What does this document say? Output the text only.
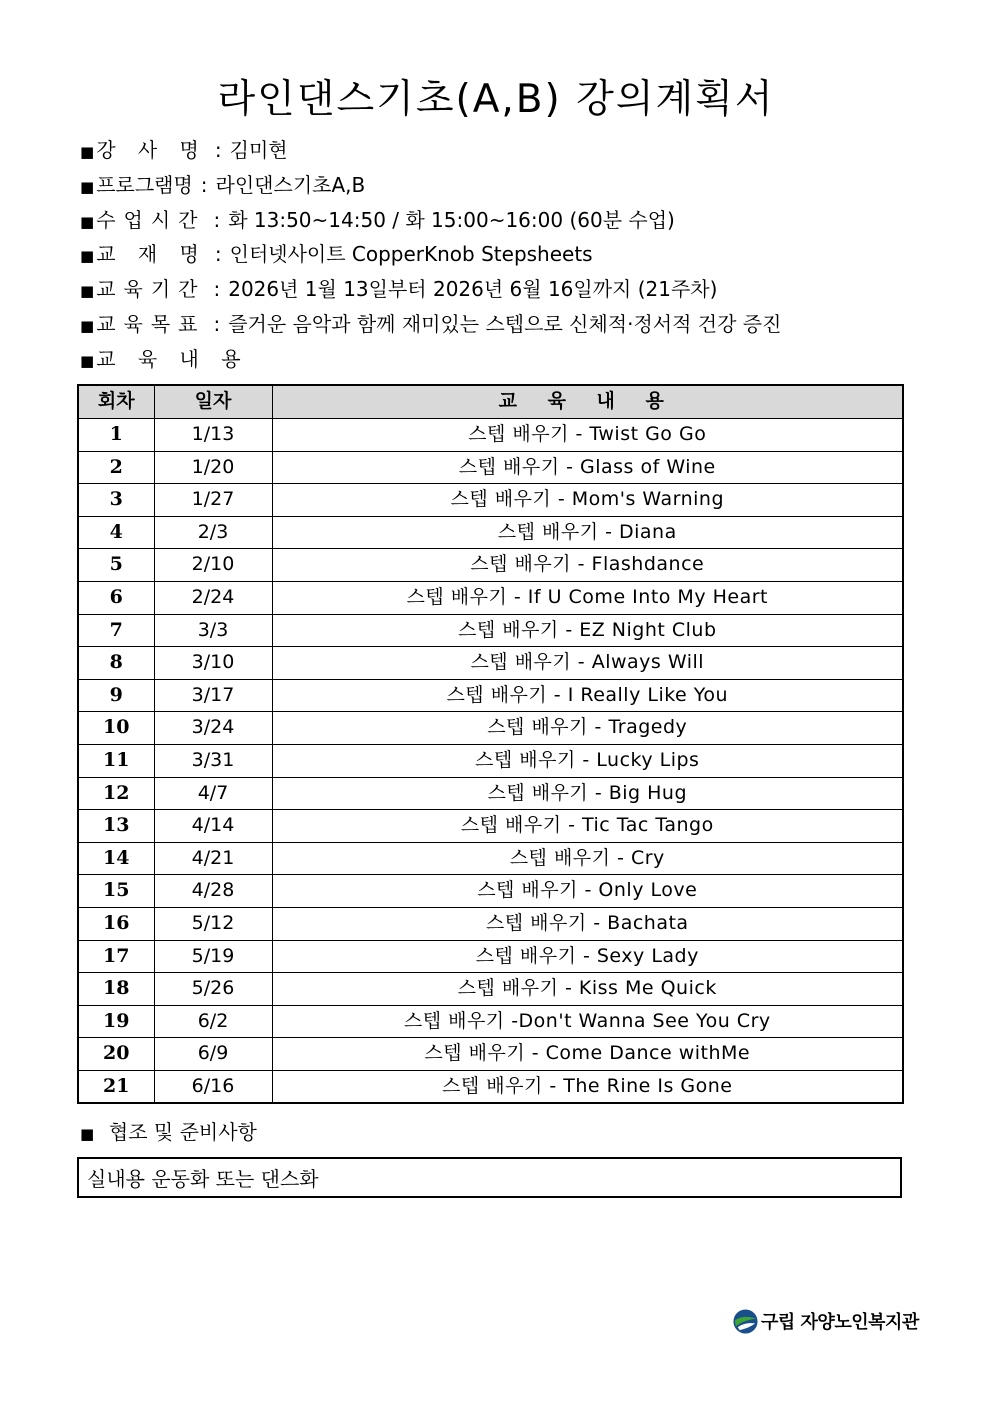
라인댄스기초(A,B) 강의계획서
■ 강 사 명 : 김미현
■ 프로그램명 : 라인댄스기초A,B
■ 수업시간 : 화 13:50~14:50 / 화 15:00~16:00 (60분 수업)
■ 교 재 명 : 인터넷사이트 CopperKnob Stepsheets
■ 교육기간 : 2026년 1월 13일부터 2026년 6월 16일까지 (21주차)
■ 교육목표 : 즐거운 음악과 함께 재미있는 스텝으로 신체적·정서적 건강 증진
■ 교 육 내 용
회차	일자	교 육 내 용
1	1/13	스텝 배우기 - Twist Go Go
2	1/20	스텝 배우기 - Glass of Wine
3	1/27	스텝 배우기 - Mom's Warning
4	2/3	스텝 배우기 - Diana
5	2/10	스텝 배우기 - Flashdance
6	2/24	스텝 배우기 - If U Come Into My Heart
7	3/3	스텝 배우기 - EZ Night Club
8	3/10	스텝 배우기 - Always Will
9	3/17	스텝 배우기 - I Really Like You
10	3/24	스텝 배우기 - Tragedy
11	3/31	스텝 배우기 - Lucky Lips
12	4/7	스텝 배우기 - Big Hug
13	4/14	스텝 배우기 - Tic Tac Tango
14	4/21	스텝 배우기 - Cry
15	4/28	스텝 배우기 - Only Love
16	5/12	스텝 배우기 - Bachata
17	5/19	스텝 배우기 - Sexy Lady
18	5/26	스텝 배우기 - Kiss Me Quick
19	6/2	스텝 배우기 -Don't Wanna See You Cry
20	6/9	스텝 배우기 - Come Dance withMe
21	6/16	스텝 배우기 - The Rine Is Gone
■ 협조 및 준비사항
실내용 운동화 또는 댄스화
구립 자양노인복지관
